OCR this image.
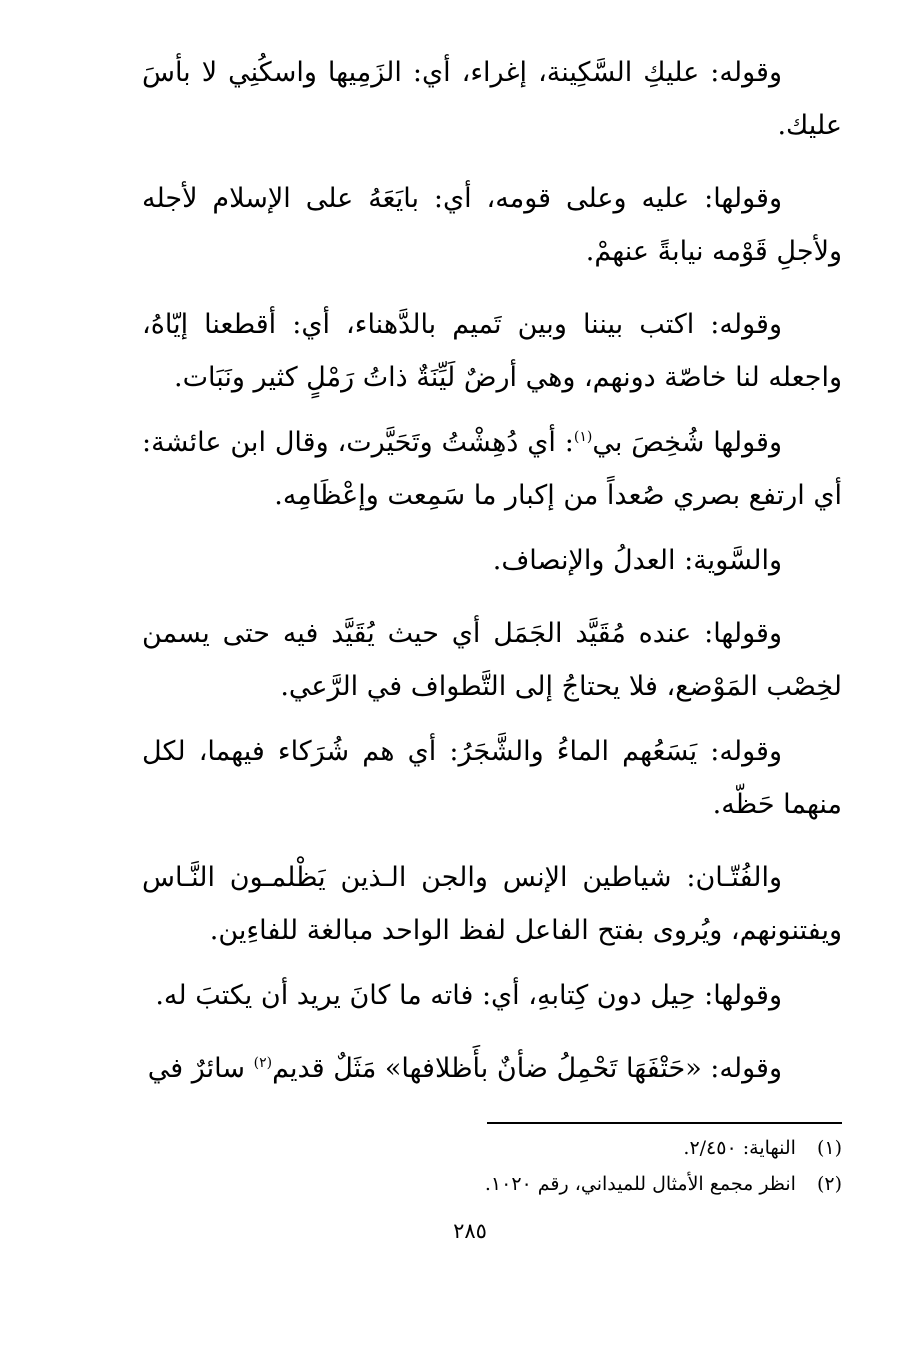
وقوله: عليكِ السَّكِينة، إغراء، أي: الزَمِيها واسكُنِي لا بأسَ عليك.

وقولها: عليه وعلى قومه، أي: بايَعَهُ على الإسلام لأجله ولأجلِ قَوْمه نيابةً عنهمْ.

وقوله: اكتب بيننا وبين تَميم بالدَّهناء، أي: أقطعنا إيّاهُ، واجعله لنا خاصّة دونهم، وهي أرضٌ لَيِّنَةٌ ذاتُ رَمْلٍ كثير ونَبَات.

وقولها شُخِصَ بي$^{(١)}$: أي دُهِشْتُ وتَحَيَّرت، وقال ابن عائشة: أي ارتفع بصري صُعداً من إكبار ما سَمِعت وإعْظَامِه.

والسَّوية: العدلُ والإنصاف.

وقولها: عنده مُقَيَّد الجَمَل أي حيث يُقَيَّد فيه حتى يسمن لخِصْب المَوْضع، فلا يحتاجُ إلى التَّطواف في الرَّعي.

وقوله: يَسَعُهم الماءُ والشَّجَرُ: أي هم شُرَكاء فيهما، لكل منهما حَظّه.

والفُتّـان: شياطين الإنس والجن الـذين يَظْلمـون النَّـاس ويفتنونهم، ويُروى بفتح الفاعل لفظ الواحد مبالغة للفاءِين.

وقولها: حِيل دون كِتابهِ، أي: فاته ما كانَ يريد أن يكتبَ له.

وقوله: «حَتْفَهَا تَحْمِلُ ضأنٌ بأَظلافها» مَثَلٌ قديم$^{(٢)}$ سائرٌ في

(١) النهاية: ٢/٤٥٠.
(٢) انظر مجمع الأمثال للميداني، رقم ١٠٢٠.
٢٨٥
